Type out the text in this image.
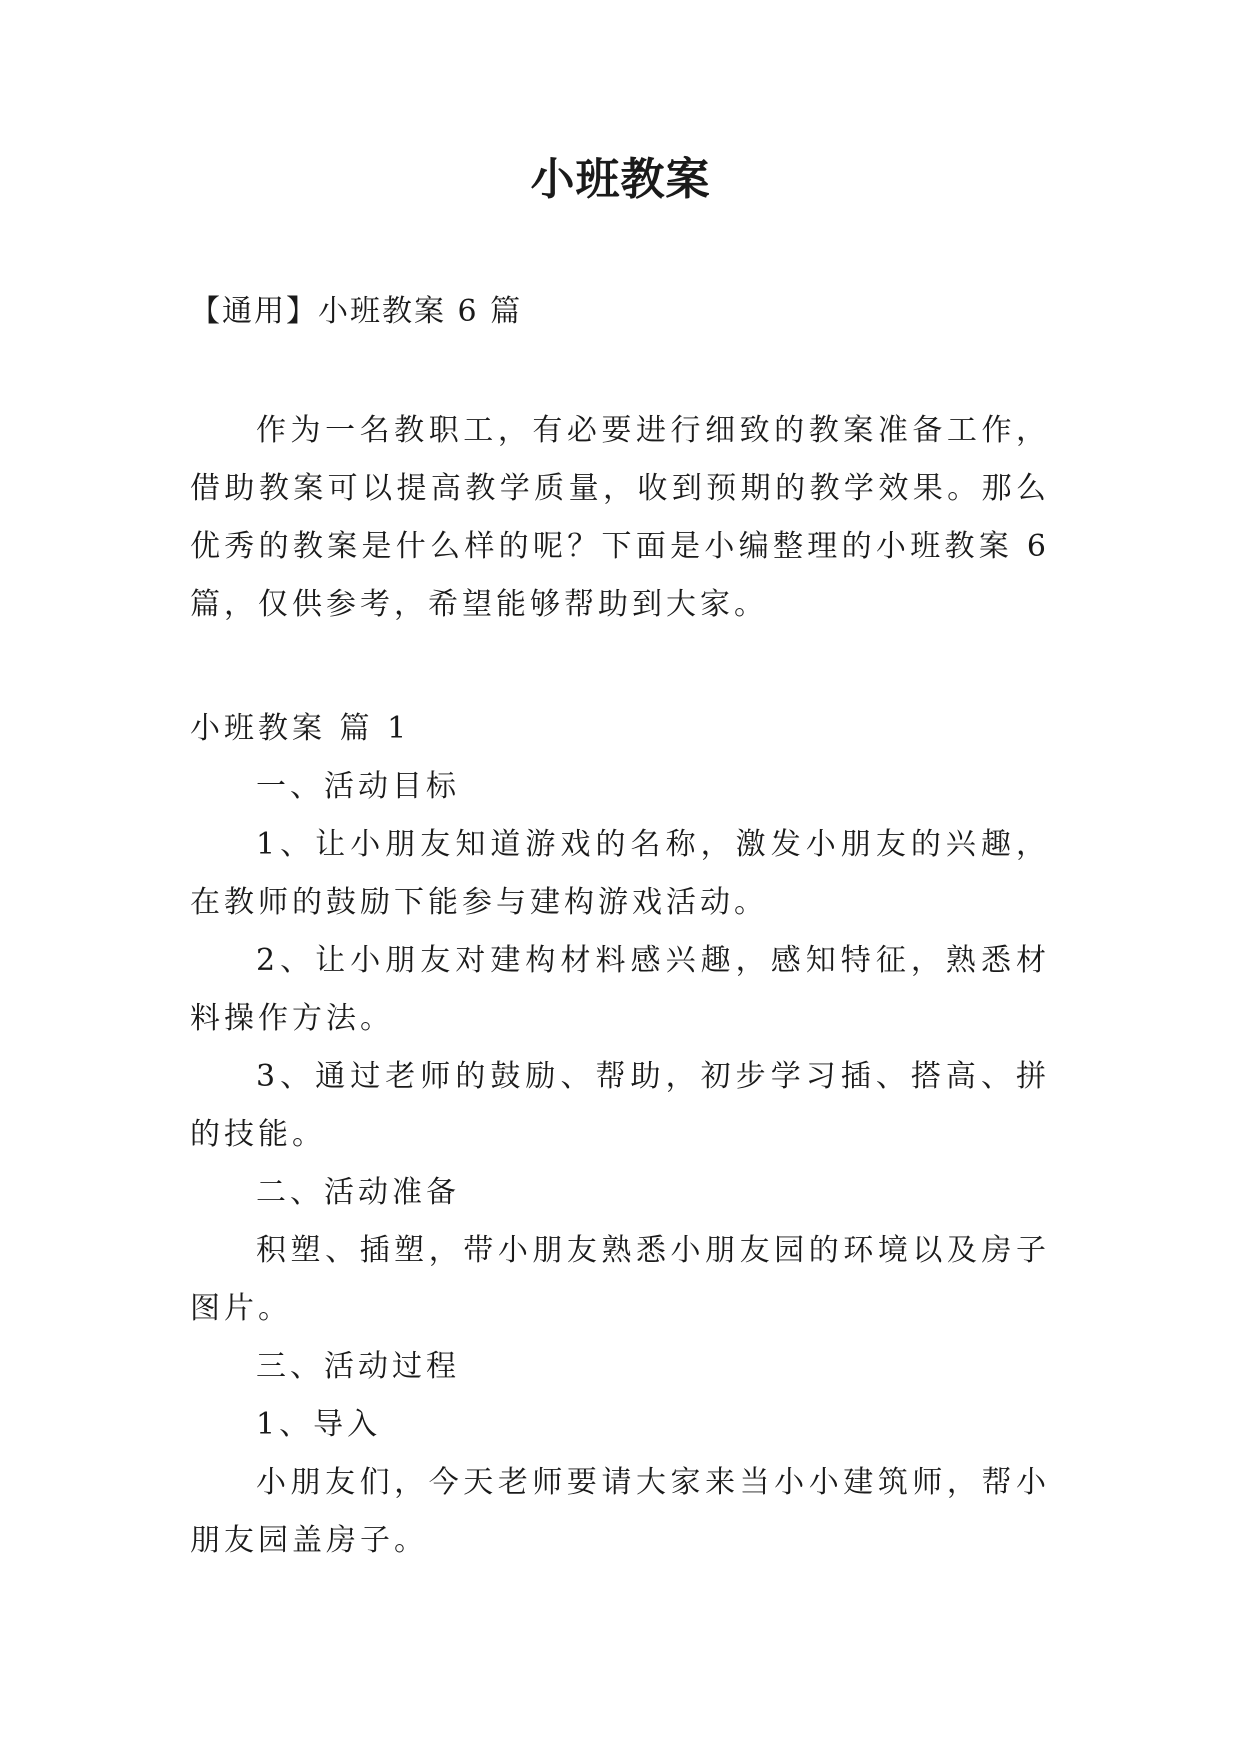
小班教案
【通用】小班教案 6 篇

作为一名教职工，有必要进行细致的教案准备工作，借助教案可以提高教学质量，收到预期的教学效果。那么优秀的教案是什么样的呢？下面是小编整理的小班教案 6 篇，仅供参考，希望能够帮助到大家。

小班教案 篇 1

一、活动目标

1、让小朋友知道游戏的名称，激发小朋友的兴趣，在教师的鼓励下能参与建构游戏活动。

2、让小朋友对建构材料感兴趣，感知特征，熟悉材料操作方法。

3、通过老师的鼓励、帮助，初步学习插、搭高、拼的技能。

二、活动准备

积塑、插塑，带小朋友熟悉小朋友园的环境以及房子图片。

三、活动过程

1、导入

小朋友们，今天老师要请大家来当小小建筑师，帮小朋友园盖房子。
